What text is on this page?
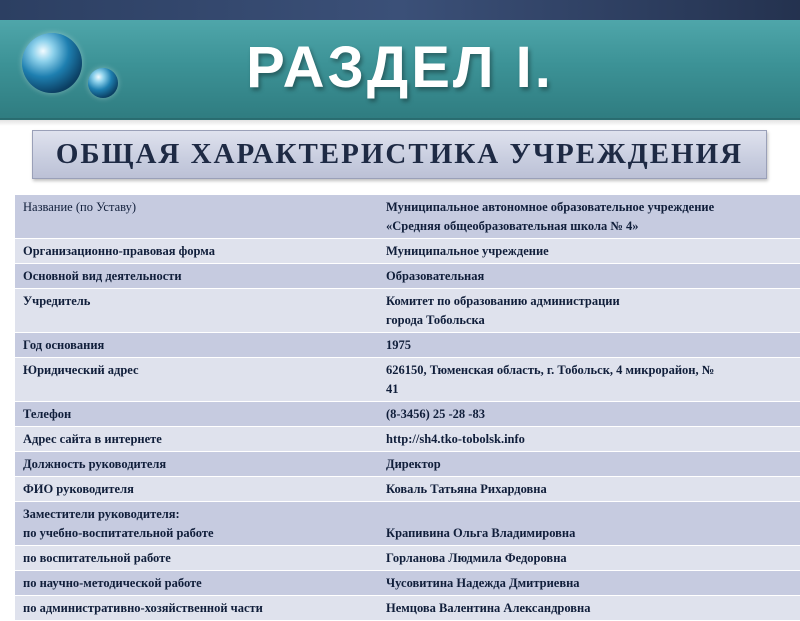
РАЗДЕЛ I.
ОБЩАЯ ХАРАКТЕРИСТИКА УЧРЕЖДЕНИЯ
Название (по Уставу)	Муниципальное автономное образовательное учреждение
«Средняя общеобразовательная школа № 4»

Организационно-правовая форма	Муниципальное учреждение
Основной вид деятельности	Образовательная
Учредитель	Комитет по образованию администрации
города Тобольска

Год основания	1975
Юридический адрес	626150, Тюменская область, г. Тобольск, 4 микрорайон, №
41

Телефон	(8-3456) 25 -28 -83
Адрес сайта в интернете	http://sh4.tko-tobolsk.info
Должность руководителя	Директор
ФИО руководителя	Коваль Татьяна Рихардовна

Заместители руководителя:
по учебно-воспитательной работе	Крапивина Ольга Владимировна

по воспитательной работе	Горланова Людмила Федоровна
по научно-методической работе	Чусовитина Надежда Дмитриевна
по административно-хозяйственной части	Немцова Валентина Александровна
